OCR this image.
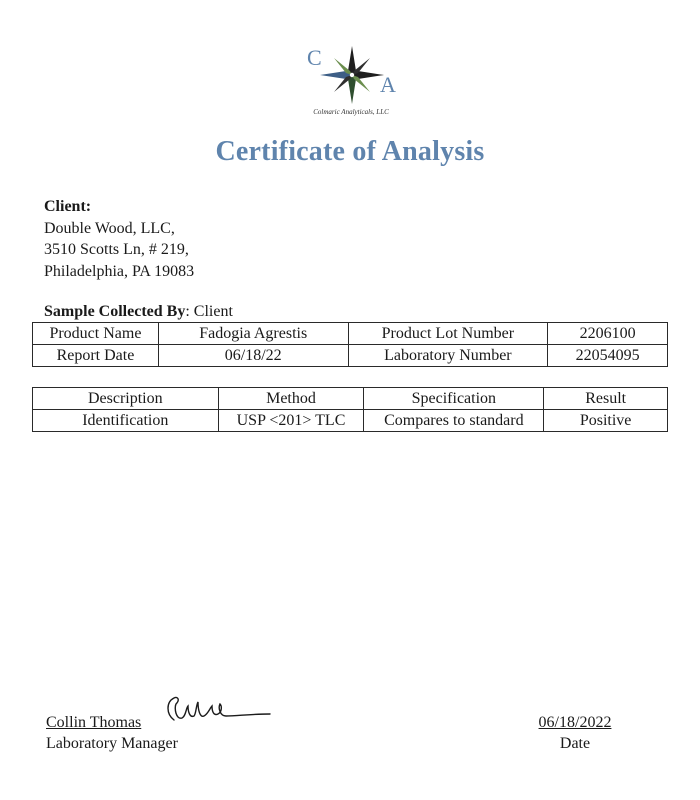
C
A
Colmaric Analyticals, LLC
Certificate of Analysis
Client:
Double Wood, LLC,
3510 Scotts Ln, # 219,
Philadelphia, PA 19083
Sample Collected By: Client
Product Name	Fadogia Agrestis	Product Lot Number	2206100
Report Date	06/18/22	Laboratory Number	22054095
Description	Method	Specification	Result
Identification	USP <201> TLC	Compares to standard	Positive
Collin Thomas
Laboratory Manager
06/18/2022
Date
